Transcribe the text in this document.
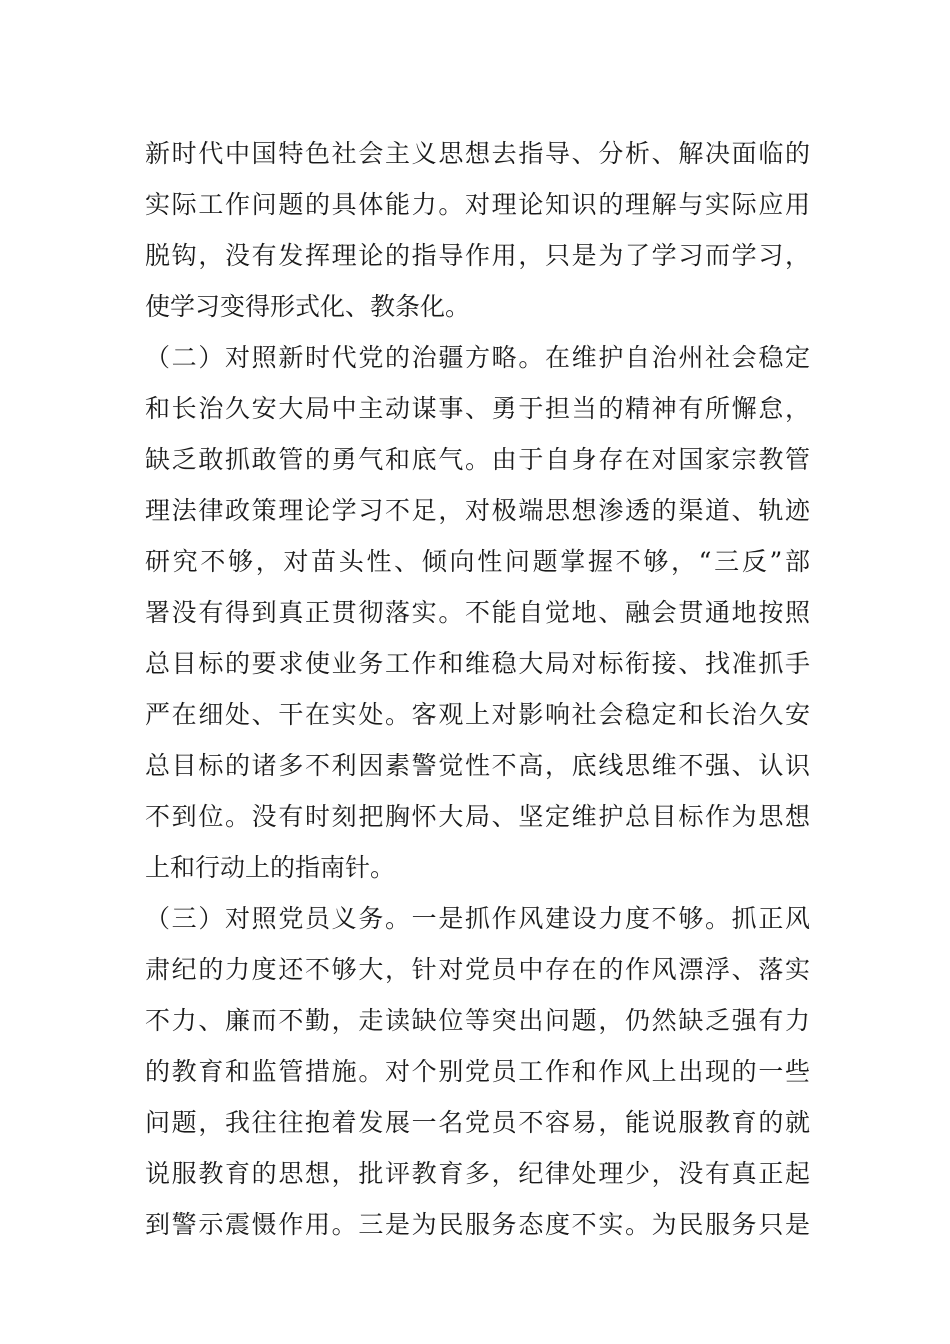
新时代中国特色社会主义思想去指导、分析、解决面临的
实际工作问题的具体能力。对理论知识的理解与实际应用
脱钩，没有发挥理论的指导作用，只是为了学习而学习，
使学习变得形式化、教条化。
（二）对照新时代党的治疆方略。在维护自治州社会稳定
和长治久安大局中主动谋事、勇于担当的精神有所懈怠，
缺乏敢抓敢管的勇气和底气。由于自身存在对国家宗教管
理法律政策理论学习不足，对极端思想渗透的渠道、轨迹
研究不够，对苗头性、倾向性问题掌握不够，“三反”部
署没有得到真正贯彻落实。不能自觉地、融会贯通地按照
总目标的要求使业务工作和维稳大局对标衔接、找准抓手
严在细处、干在实处。客观上对影响社会稳定和长治久安
总目标的诸多不利因素警觉性不高，底线思维不强、认识
不到位。没有时刻把胸怀大局、坚定维护总目标作为思想
上和行动上的指南针。
（三）对照党员义务。一是抓作风建设力度不够。抓正风
肃纪的力度还不够大，针对党员中存在的作风漂浮、落实
不力、廉而不勤，走读缺位等突出问题，仍然缺乏强有力
的教育和监管措施。对个别党员工作和作风上出现的一些
问题，我往往抱着发展一名党员不容易，能说服教育的就
说服教育的思想，批评教育多，纪律处理少，没有真正起
到警示震慑作用。三是为民服务态度不实。为民服务只是
